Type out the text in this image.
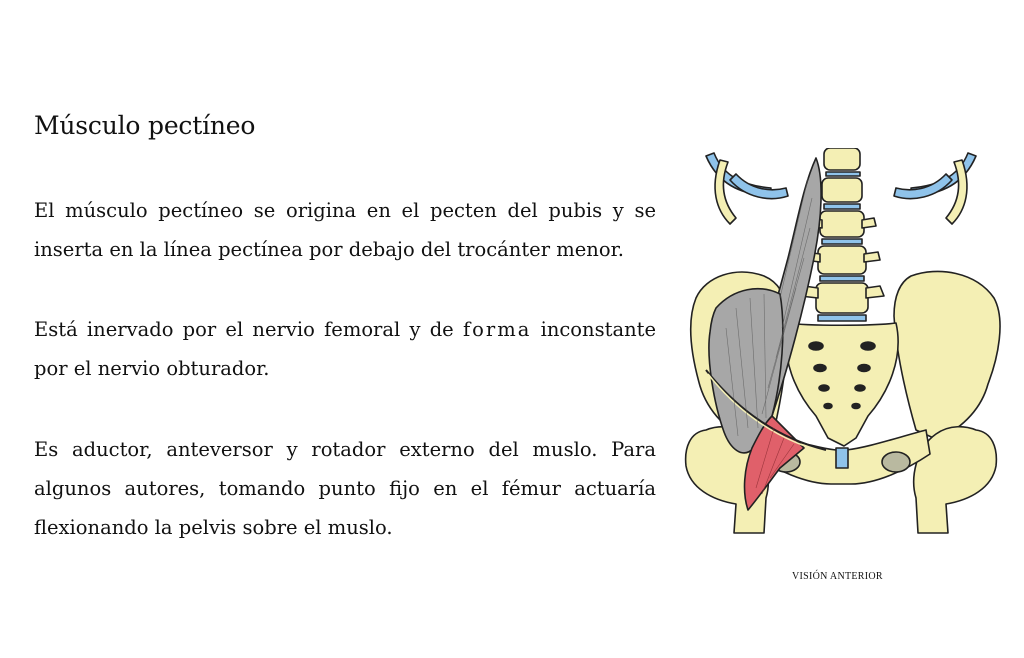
Músculo pectíneo

El músculo pectíneo se origina en el pecten del pubis y se inserta en la línea pectínea por debajo del trocánter menor.

Está inervado por el nervio femoral y de forma inconstante por el nervio obturador.

Es aductor, anteversor y rotador externo del muslo. Para algunos autores, tomando punto fijo en el fémur actuaría flexionando la pelvis sobre el muslo.

VISIÓN ANTERIOR
